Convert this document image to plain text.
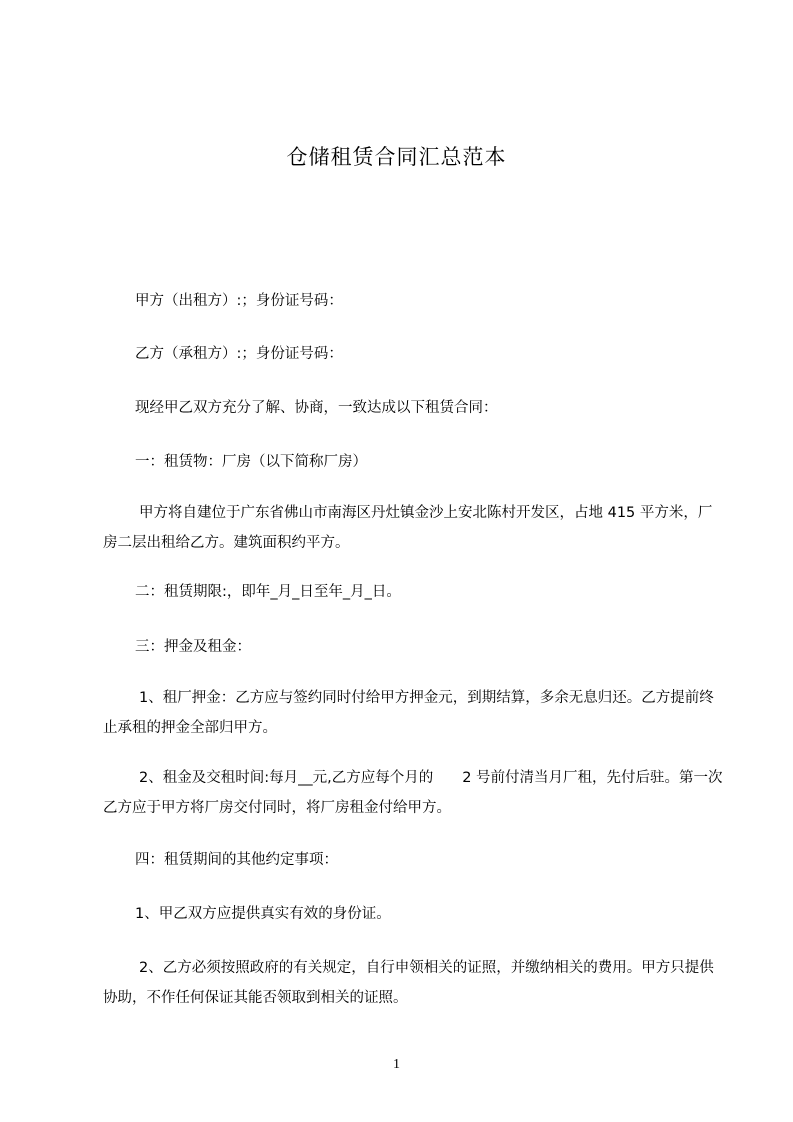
仓储租赁合同汇总范本
甲方（出租方）:；身份证号码：
乙方（承租方）:；身份证号码：
现经甲乙双方充分了解、协商，一致达成以下租赁合同：
一：租赁物：厂房（以下简称厂房）
甲方将自建位于广东省佛山市南海区丹灶镇金沙上安北陈村开发区，占地 415 平方米，厂房二层出租给乙方。建筑面积约平方。
二：租赁期限:，即年_月_日至年_月_日。
三：押金及租金：
1、租厂押金：乙方应与签约同时付给甲方押金元，到期结算，多余无息归还。乙方提前终止承租的押金全部归甲方。
2、租金及交租时间:每月__元,乙方应每个月的　　2 号前付清当月厂租，先付后驻。第一次乙方应于甲方将厂房交付同时，将厂房租金付给甲方。
四：租赁期间的其他约定事项：
1、甲乙双方应提供真实有效的身份证。
2、乙方必须按照政府的有关规定，自行申领相关的证照，并缴纳相关的费用。甲方只提供协助，不作任何保证其能否领取到相关的证照。
1
